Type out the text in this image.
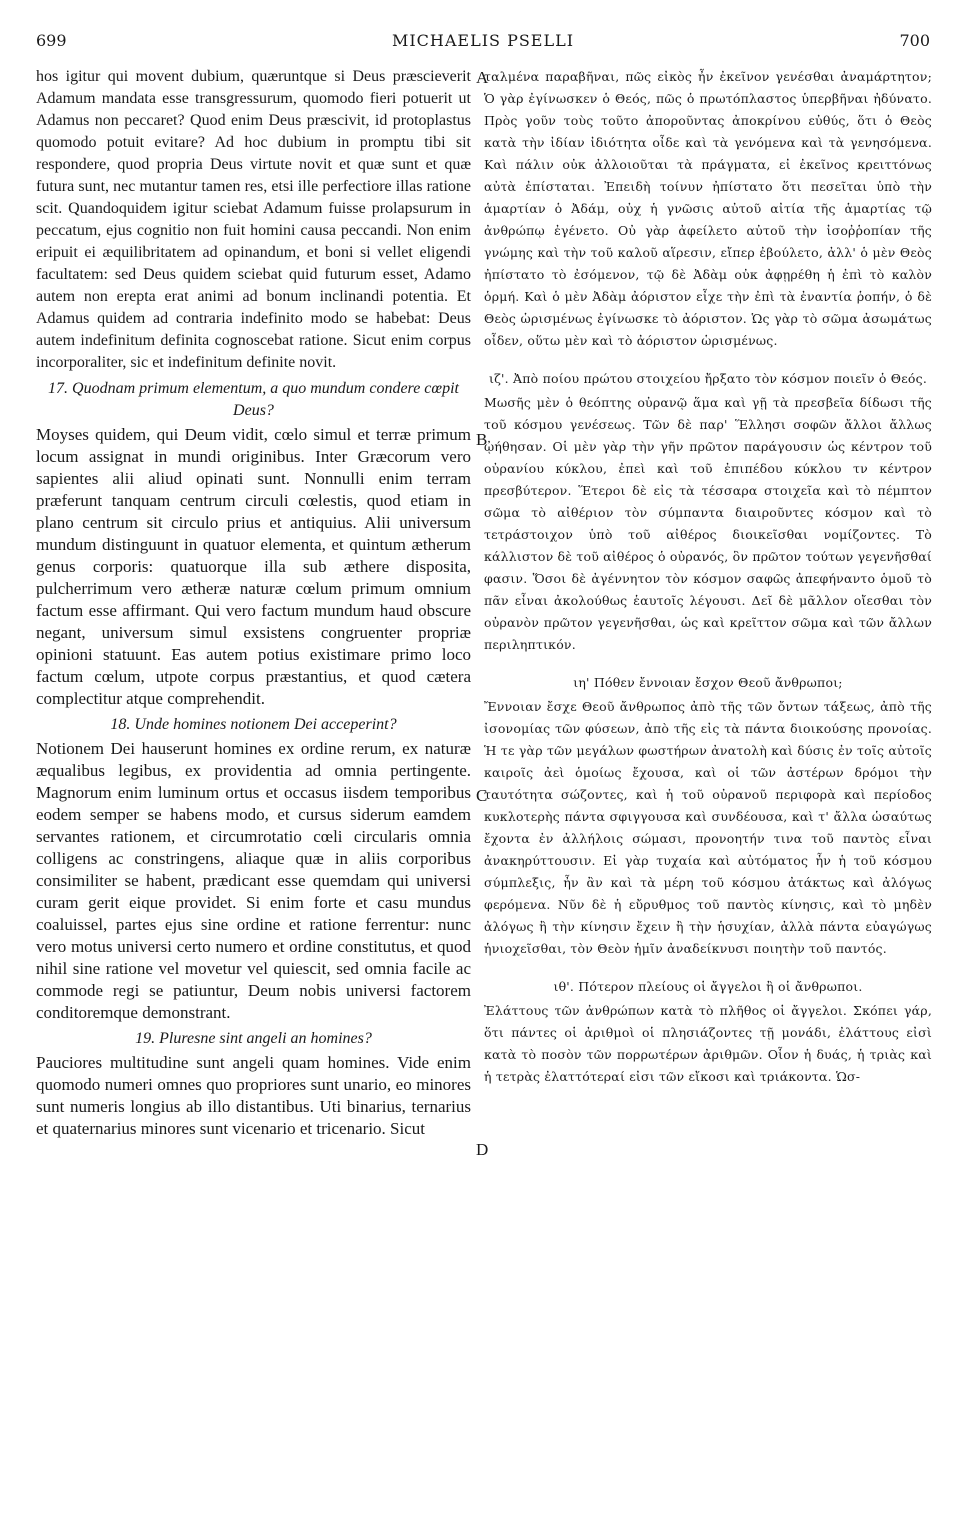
699	MICHAELIS PSELLI	700
A
B
C
D

hos igitur qui movent dubium, quæruntque si Deus præscieverit Adamum mandata esse transgressurum, quomodo fieri potuerit ut Adamus non peccaret? Quod enim Deus præscivit, id protoplastus quomodo potuit evitare? Ad hoc dubium in promptu tibi sit respondere, quod propria Deus virtute novit et quæ sunt et quæ futura sunt, nec mutantur tamen res, etsi ille perfectiore illas ratione scit. Quandoquidem igitur sciebat Adamum fuisse prolapsurum in peccatum, ejus cognitio non fuit homini causa peccandi. Non enim eripuit ei æquilibritatem ad opinandum, et boni si vellet eligendi facultatem: sed Deus quidem sciebat quid futurum esset, Adamo autem non erepta erat animi ad bonum inclinandi potentia. Et Adamus quidem ad contraria indefinito modo se habebat: Deus autem indefinitum definita cognoscebat ratione. Sicut enim corpus incorporaliter, sic et indefinitum definite novit.

17. Quodnam primum elementum, a quo mundum condere cœpit Deus?

Moyses quidem, qui Deum vidit, cœlo simul et terræ primum locum assignat in mundi originibus. Inter Græcorum vero sapientes alii aliud opinati sunt. Nonnulli enim terram præferunt tanquam centrum circuli cœlestis, quod etiam in plano centrum sit circulo prius et antiquius. Alii universum mundum distinguunt in quatuor elementa, et quintum ætherum genus corporis: quatuorque illa sub æthere disposita, pulcherrimum vero ætheræ naturæ cœlum primum omnium factum esse affirmant. Qui vero factum mundum haud obscure negant, universum simul exsistens congruenter propriæ opinioni statuunt. Eas autem potius existimare primo loco factum cœlum, utpote corpus præstantius, et quod cætera complectitur atque comprehendit.

18. Unde homines notionem Dei acceperint?

Notionem Dei hauserunt homines ex ordine rerum, ex naturæ æqualibus legibus, ex providentia ad omnia pertingente. Magnorum enim luminum ortus et occasus iisdem temporibus eodem semper se habens modo, et cursus siderum eamdem servantes rationem, et circumrotatio cœli circularis omnia colligens ac constringens, aliaque quæ in aliis corporibus consimiliter se habent, prædicant esse quemdam qui universi curam gerit eique providet. Si enim forte et casu mundus coaluissel, partes ejus sine ordine et ratione ferrentur: nunc vero motus universi certo numero et ordine constitutus, et quod nihil sine ratione vel movetur vel quiescit, sed omnia facile ac commode regi se patiuntur, Deum nobis universi factorem conditoremque demonstrant.

19. Pluresne sint angeli an homines?

Pauciores multitudine sunt angeli quam homines. Vide enim quomodo numeri omnes quo propriores sunt unario, eo minores sunt numeris longius ab illo distantibus. Uti binarius, ternarius et quaternarius minores sunt vicenario et tricenario. Sicut

ταλμένα παραβῆναι, πῶς εἰκὸς ἦν ἐκεῖνον γενέσθαι ἀναμάρτητον; Ὁ γὰρ ἐγίνωσκεν ὁ Θεός, πῶς ὁ πρωτόπλαστος ὑπερβῆναι ἠδύνατο. Πρὸς γοῦν τοὺς τοῦτο ἀποροῦντας ἀποκρίνου εὐθύς, ὅτι ὁ Θεὸς κατὰ τὴν ἰδίαν ἰδιότητα οἶδε καὶ τὰ γενόμενα καὶ τὰ γενησόμενα. Καὶ πάλιν οὐκ ἀλλοιοῦται τὰ πράγματα, εἰ ἐκεῖνος κρειττόνως αὐτὰ ἐπίσταται. Ἐπειδὴ τοίνυν ἠπίστατο ὅτι πεσεῖται ὑπὸ τὴν ἁμαρτίαν ὁ Ἀδάμ, οὐχ ἡ γνῶσις αὐτοῦ αἰτία τῆς ἁμαρτίας τῷ ἀνθρώπῳ ἐγένετο. Οὐ γὰρ ἀφείλετο αὐτοῦ τὴν ἰσοῤῥοπίαν τῆς γνώμης καὶ τὴν τοῦ καλοῦ αἵρεσιν, εἴπερ ἐβούλετο, ἀλλ' ὁ μὲν Θεὸς ἠπίστατο τὸ ἐσόμενον, τῷ δὲ Ἀδὰμ οὐκ ἀφῃρέθη ἡ ἐπὶ τὸ καλὸν ὁρμή. Καὶ ὁ μὲν Ἀδὰμ ἀόριστον εἶχε τὴν ἐπὶ τὰ ἐναντία ῥοπήν, ὁ δὲ Θεὸς ὡρισμένως ἐγίνωσκε τὸ ἀόριστον. Ὡς γὰρ τὸ σῶμα ἀσωμάτως οἶδεν, οὕτω μὲν καὶ τὸ ἀόριστον ὡρισμένως.

ιζ'. Ἀπὸ ποίου πρώτου στοιχείου ἤρξατο τὸν κόσμον ποιεῖν ὁ Θεός.

Μωσῆς μὲν ὁ θεόπτης οὐρανῷ ἅμα καὶ γῇ τὰ πρεσβεῖα δίδωσι τῆς τοῦ κόσμου γενέσεως. Τῶν δὲ παρ' Ἕλλησι σοφῶν ἄλλοι ἄλλως ᾠήθησαν. Οἱ μὲν γὰρ τὴν γῆν πρῶτον παράγουσιν ὡς κέντρον τοῦ οὐρανίου κύκλου, ἐπεὶ καὶ τοῦ ἐπιπέδου κύκλου τν κέντρον πρεσβύτερον. Ἕτεροι δὲ εἰς τὰ τέσσαρα στοιχεῖα καὶ τὸ πέμπτον σῶμα τὸ αἰθέριον τὸν σύμπαντα διαιροῦντες κόσμον καὶ τὸ τετράστοιχον ὑπὸ τοῦ αἰθέρος διοικεῖσθαι νομίζοντες. Τὸ κάλλιστον δὲ τοῦ αἰθέρος ὁ οὐρανός, ὃν πρῶτον τούτων γεγενῆσθαί φασιν. Ὅσοι δὲ ἀγέννητον τὸν κόσμον σαφῶς ἀπεφήναντο ὁμοῦ τὸ πᾶν εἶναι ἀκολούθως ἑαυτοῖς λέγουσι. Δεῖ δὲ μᾶλλον οἴεσθαι τὸν οὐρανὸν πρῶτον γεγενῆσθαι, ὡς καὶ κρεῖττον σῶμα καὶ τῶν ἄλλων περιληπτικόν.

ιη' Πόθεν ἔννοιαν ἔσχον Θεοῦ ἄνθρωποι;

Ἔννοιαν ἔσχε Θεοῦ ἄνθρωπος ἀπὸ τῆς τῶν ὄντων τάξεως, ἀπὸ τῆς ἰσονομίας τῶν φύσεων, ἀπὸ τῆς εἰς τὰ πάντα διοικούσης προνοίας. Ἡ τε γὰρ τῶν μεγάλων φωστήρων ἀνατολὴ καὶ δύσις ἐν τοῖς αὐτοῖς καιροῖς ἀεὶ ὁμοίως ἔχουσα, καὶ οἱ τῶν ἀστέρων δρόμοι τὴν ταυτότητα σώζοντες, καὶ ἡ τοῦ οὐρανοῦ περιφορὰ καὶ περίοδος κυκλοτερὴς πάντα σφιγγουσα καὶ συνδέουσα, καὶ τ' ἄλλα ὡσαύτως ἔχοντα ἐν ἀλλήλοις σώμασι, προνοητήν τινα τοῦ παντὸς εἶναι ἀνακηρύττουσιν. Εἰ γὰρ τυχαία καὶ αὐτόματος ἦν ἡ τοῦ κόσμου σύμπλεξις, ἦν ἂν καὶ τὰ μέρη τοῦ κόσμου ἀτάκτως καὶ ἀλόγως φερόμενα. Νῦν δὲ ἡ εὔρυθμος τοῦ παντὸς κίνησις, καὶ τὸ μηδὲν ἀλόγως ἢ τὴν κίνησιν ἔχειν ἢ τὴν ἡσυχίαν, ἀλλὰ πάντα εὐαγώγως ἡνιοχεῖσθαι, τὸν Θεὸν ἡμῖν ἀναδείκνυσι ποιητὴν τοῦ παντός.

ιθ'. Πότερον πλείους οἱ ἄγγελοι ἢ οἱ ἄνθρωποι.

Ἐλάττους τῶν ἀνθρώπων κατὰ τὸ πλῆθος οἱ ἄγγελοι. Σκόπει γάρ, ὅτι πάντες οἱ ἀριθμοὶ οἱ πλησιάζοντες τῇ μονάδι, ἐλάττους εἰσὶ κατὰ τὸ ποσὸν τῶν πορρωτέρων ἀριθμῶν. Οἷον ἡ δυάς, ἡ τριὰς καὶ ἡ τετρὰς ἐλαττότεραί εἰσι τῶν εἴκοσι καὶ τριάκοντα. Ὡσ-
